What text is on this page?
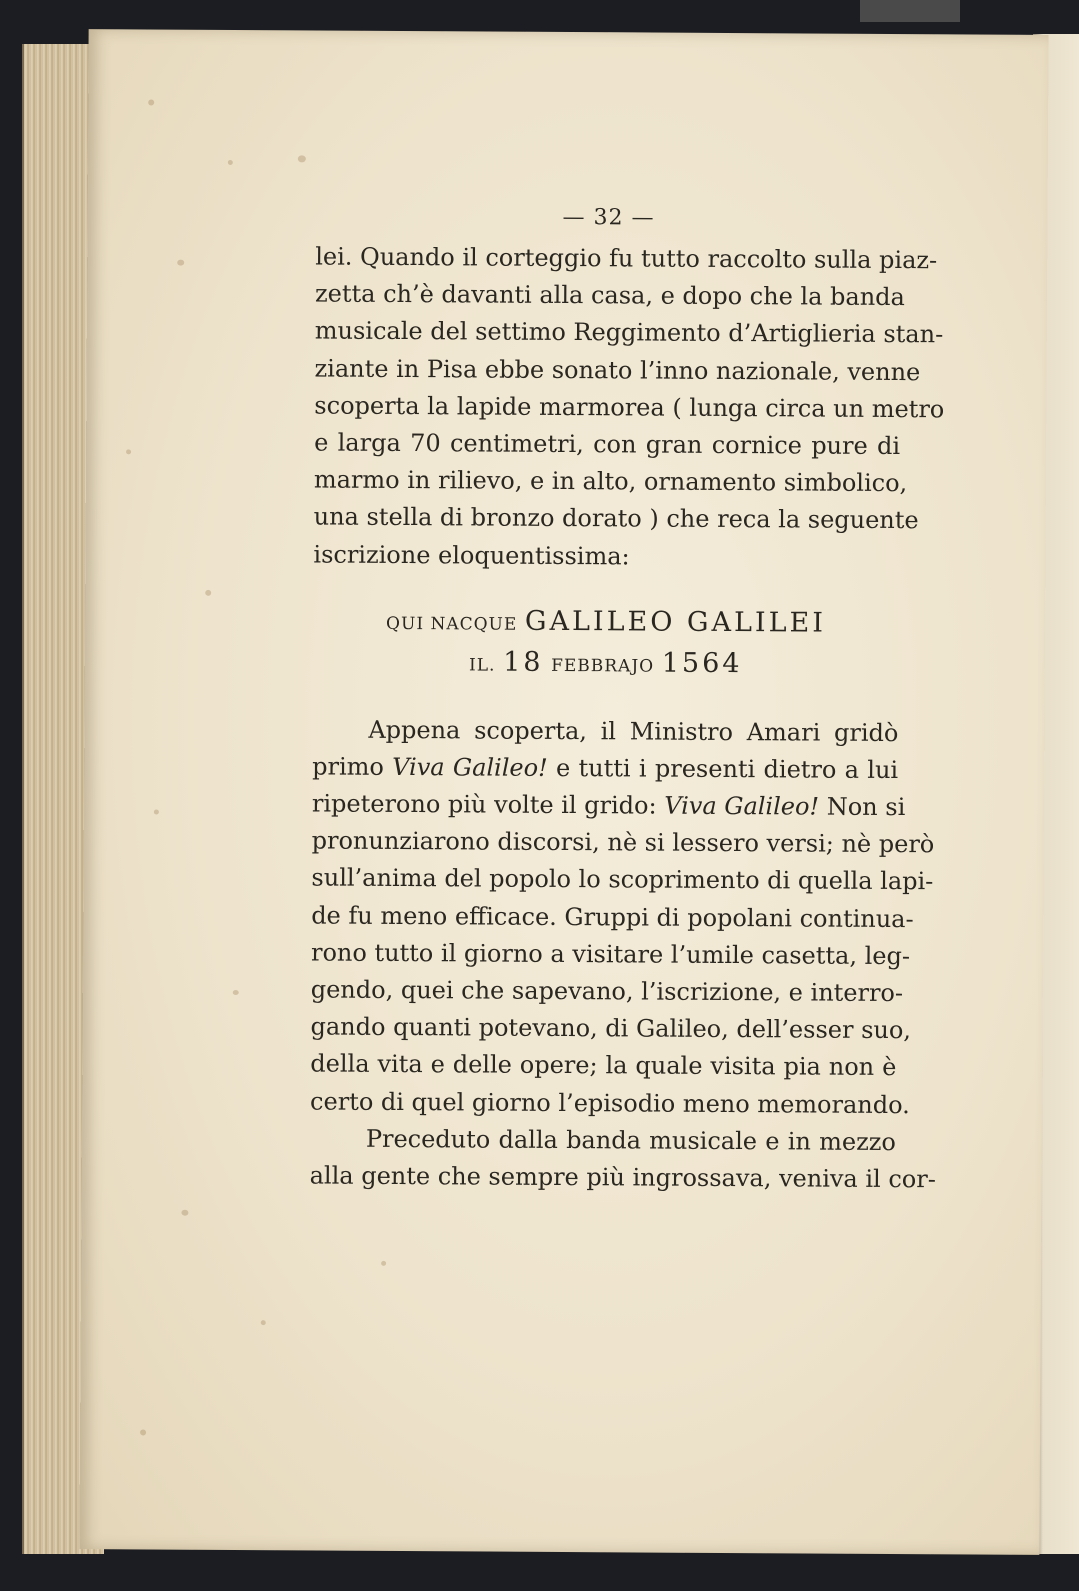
— 32 —
lei. Quando il corteggio fu tutto raccolto sulla piaz-
zetta ch’è davanti alla casa, e dopo che la banda
musicale del settimo Reggimento d’Artiglieria stan-
ziante in Pisa ebbe sonato l’inno nazionale, venne
scoperta la lapide marmorea ( lunga circa un metro
e larga 70 centimetri, con gran cornice pure di
marmo in rilievo, e in alto, ornamento simbolico,
una stella di bronzo dorato ) che reca la seguente
iscrizione eloquentissima:
QUI NACQUE GALILEO GALILEI
IL. 18 FEBBRAJO 1564
Appena scoperta, il Ministro Amari gridò
primo Viva Galileo! e tutti i presenti dietro a lui
ripeterono più volte il grido: Viva Galileo! Non si
pronunziarono discorsi, nè si lessero versi; nè però
sull’anima del popolo lo scoprimento di quella lapi-
de fu meno efficace. Gruppi di popolani continua-
rono tutto il giorno a visitare l’umile casetta, leg-
gendo, quei che sapevano, l’iscrizione, e interro-
gando quanti potevano, di Galileo, dell’esser suo,
della vita e delle opere; la quale visita pia non è
certo di quel giorno l’episodio meno memorando.
Preceduto dalla banda musicale e in mezzo
alla gente che sempre più ingrossava, veniva il cor-
